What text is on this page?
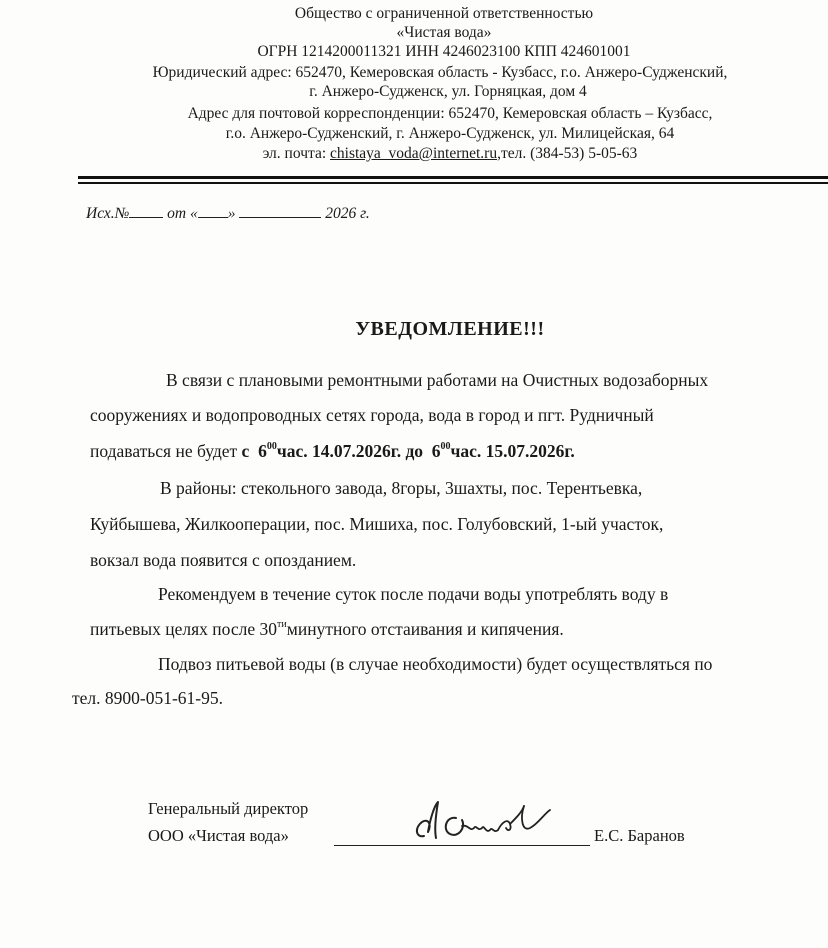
Общество с ограниченной ответственностью
«Чистая вода»
ОГРН 1214200011321 ИНН 4246023100 КПП 424601001
Юридический адрес: 652470, Кемеровская область - Кузбасс, г.о. Анжеро-Судженский,
г. Анжеро-Судженск, ул. Горняцкая, дом 4
Адрес для почтовой корреспонденции: 652470, Кемеровская область – Кузбасс,
г.о. Анжеро-Судженский, г. Анжеро-Судженск, ул. Милицейская, 64
эл. почта: chistaya_voda@internet.ru,тел. (384-53) 5-05-63
Исх.№ от « »	2026 г.
УВЕДОМЛЕНИЕ!!!
В связи с плановыми ремонтными работами на Очистных водозаборных
сооружениях и водопроводных сетях города, вода в город и пгт. Рудничный
подаваться не будет с $6^{00}час$. 14.07.2026г. до $6^{00}час$. 15.07.2026г.
В районы: стекольного завода, 8горы, 3шахты, пос. Терентьевка,
Куйбышева, Жилкооперации, пос. Мишиха, пос. Голубовский, 1-ый участок,
вокзал вода появится с опозданием.
Рекомендуем в течение суток после подачи воды употреблять воду в
питьевых целях после $30^{ти}минутного$ отстаивания и кипячения.
Подвоз питьевой воды (в случае необходимости) будет осуществляться по
тел. 8900-051-61-95.
Генеральный директор
ООО «Чистая вода»	Е.С. Баранов
